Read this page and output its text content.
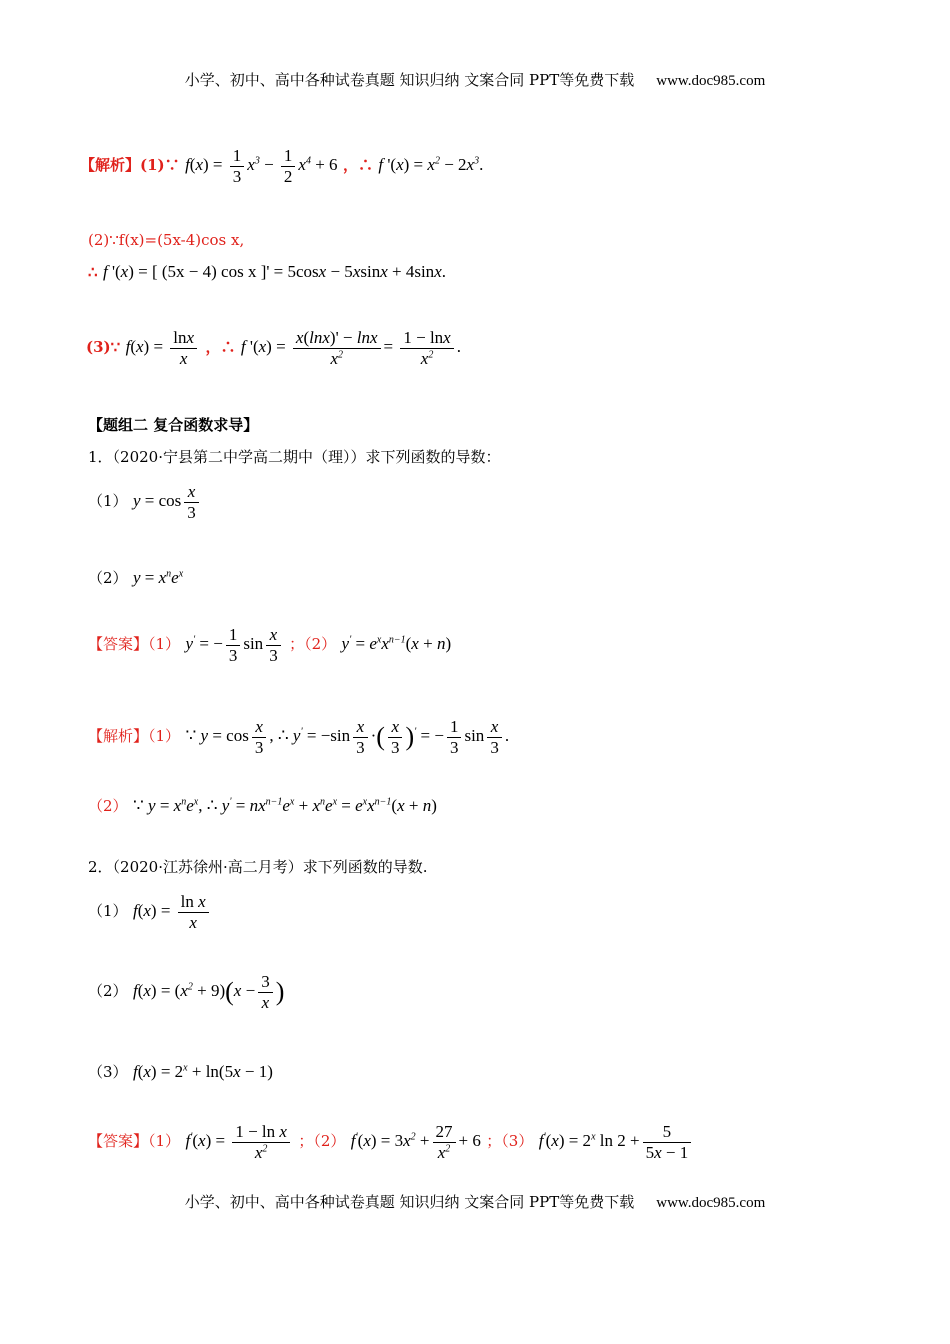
小学、初中、高中各种试卷真题 知识归纳 文案合同 PPT等免费下载 www.doc985.com
【解析】(1)∵ $f(x) = \frac{1}{3} x^3 - \frac{1}{2} x^4 + 6$ ，∴ f '$(x) = x^2 - 2x^3$.
(2)∵f(x)=(5x-4)cos x,
∴ f '(x) = [ (5x − 4) cos x ]' = 5cosx − 5xsinx + 4sinx.
(3)∵ $f(x) = \frac{\ln x}{x}$ ，∴ f '$(x) = \frac{x(\ln x)' - \ln x}{x^2} = \frac{1 - \ln x}{x^2}$ .
【题组二 复合函数求导】
1．（2020·宁县第二中学高二期中（理））求下列函数的导数：
（1） $y = \cos \frac{x}{3}$
（2） $y = x^ne^x$
【答案】（1） y' = − $\frac{1}{3}$ $\sin \frac{x}{3}$ ；（2） $y' = e^xx^{n-1}(x + n)$
【解析】（1） ∵ $y = \cos \frac{x}{3}$ , ∴ $y' = -\sin \frac{x}{3}$ ·( $\frac{x}{3} )'$ = − $\frac{1}{3}$ $\sin \frac{x}{3}$ .
（2） ∵ $y = x^ne^x$, ∴ $y' = nx^{n-1}e^x + x^ne^x = e^xx^{n-1}(x + n)$
2．（2020·江苏徐州·高二月考）求下列函数的导数.
（1） $f(x) = \frac{\text{ln x}}{x}$
（2） $f(x) = (x^2 + 9)(x - \frac{3}{x}$ )
（3） $f(x) = 2^x + \ln(5x - 1)$
【答案】（1） $f'(x) = \frac{\text{1 − ln x}}{x^2}$ ；（2） $f'(x) = 3x^2 + \frac{27}{x^2} + 6$ ；（3） $f'(x) = 2^x$ $\ln 2 + \frac{5}{5x - 1}$
小学、初中、高中各种试卷真题 知识归纳 文案合同 PPT等免费下载 www.doc985.com
